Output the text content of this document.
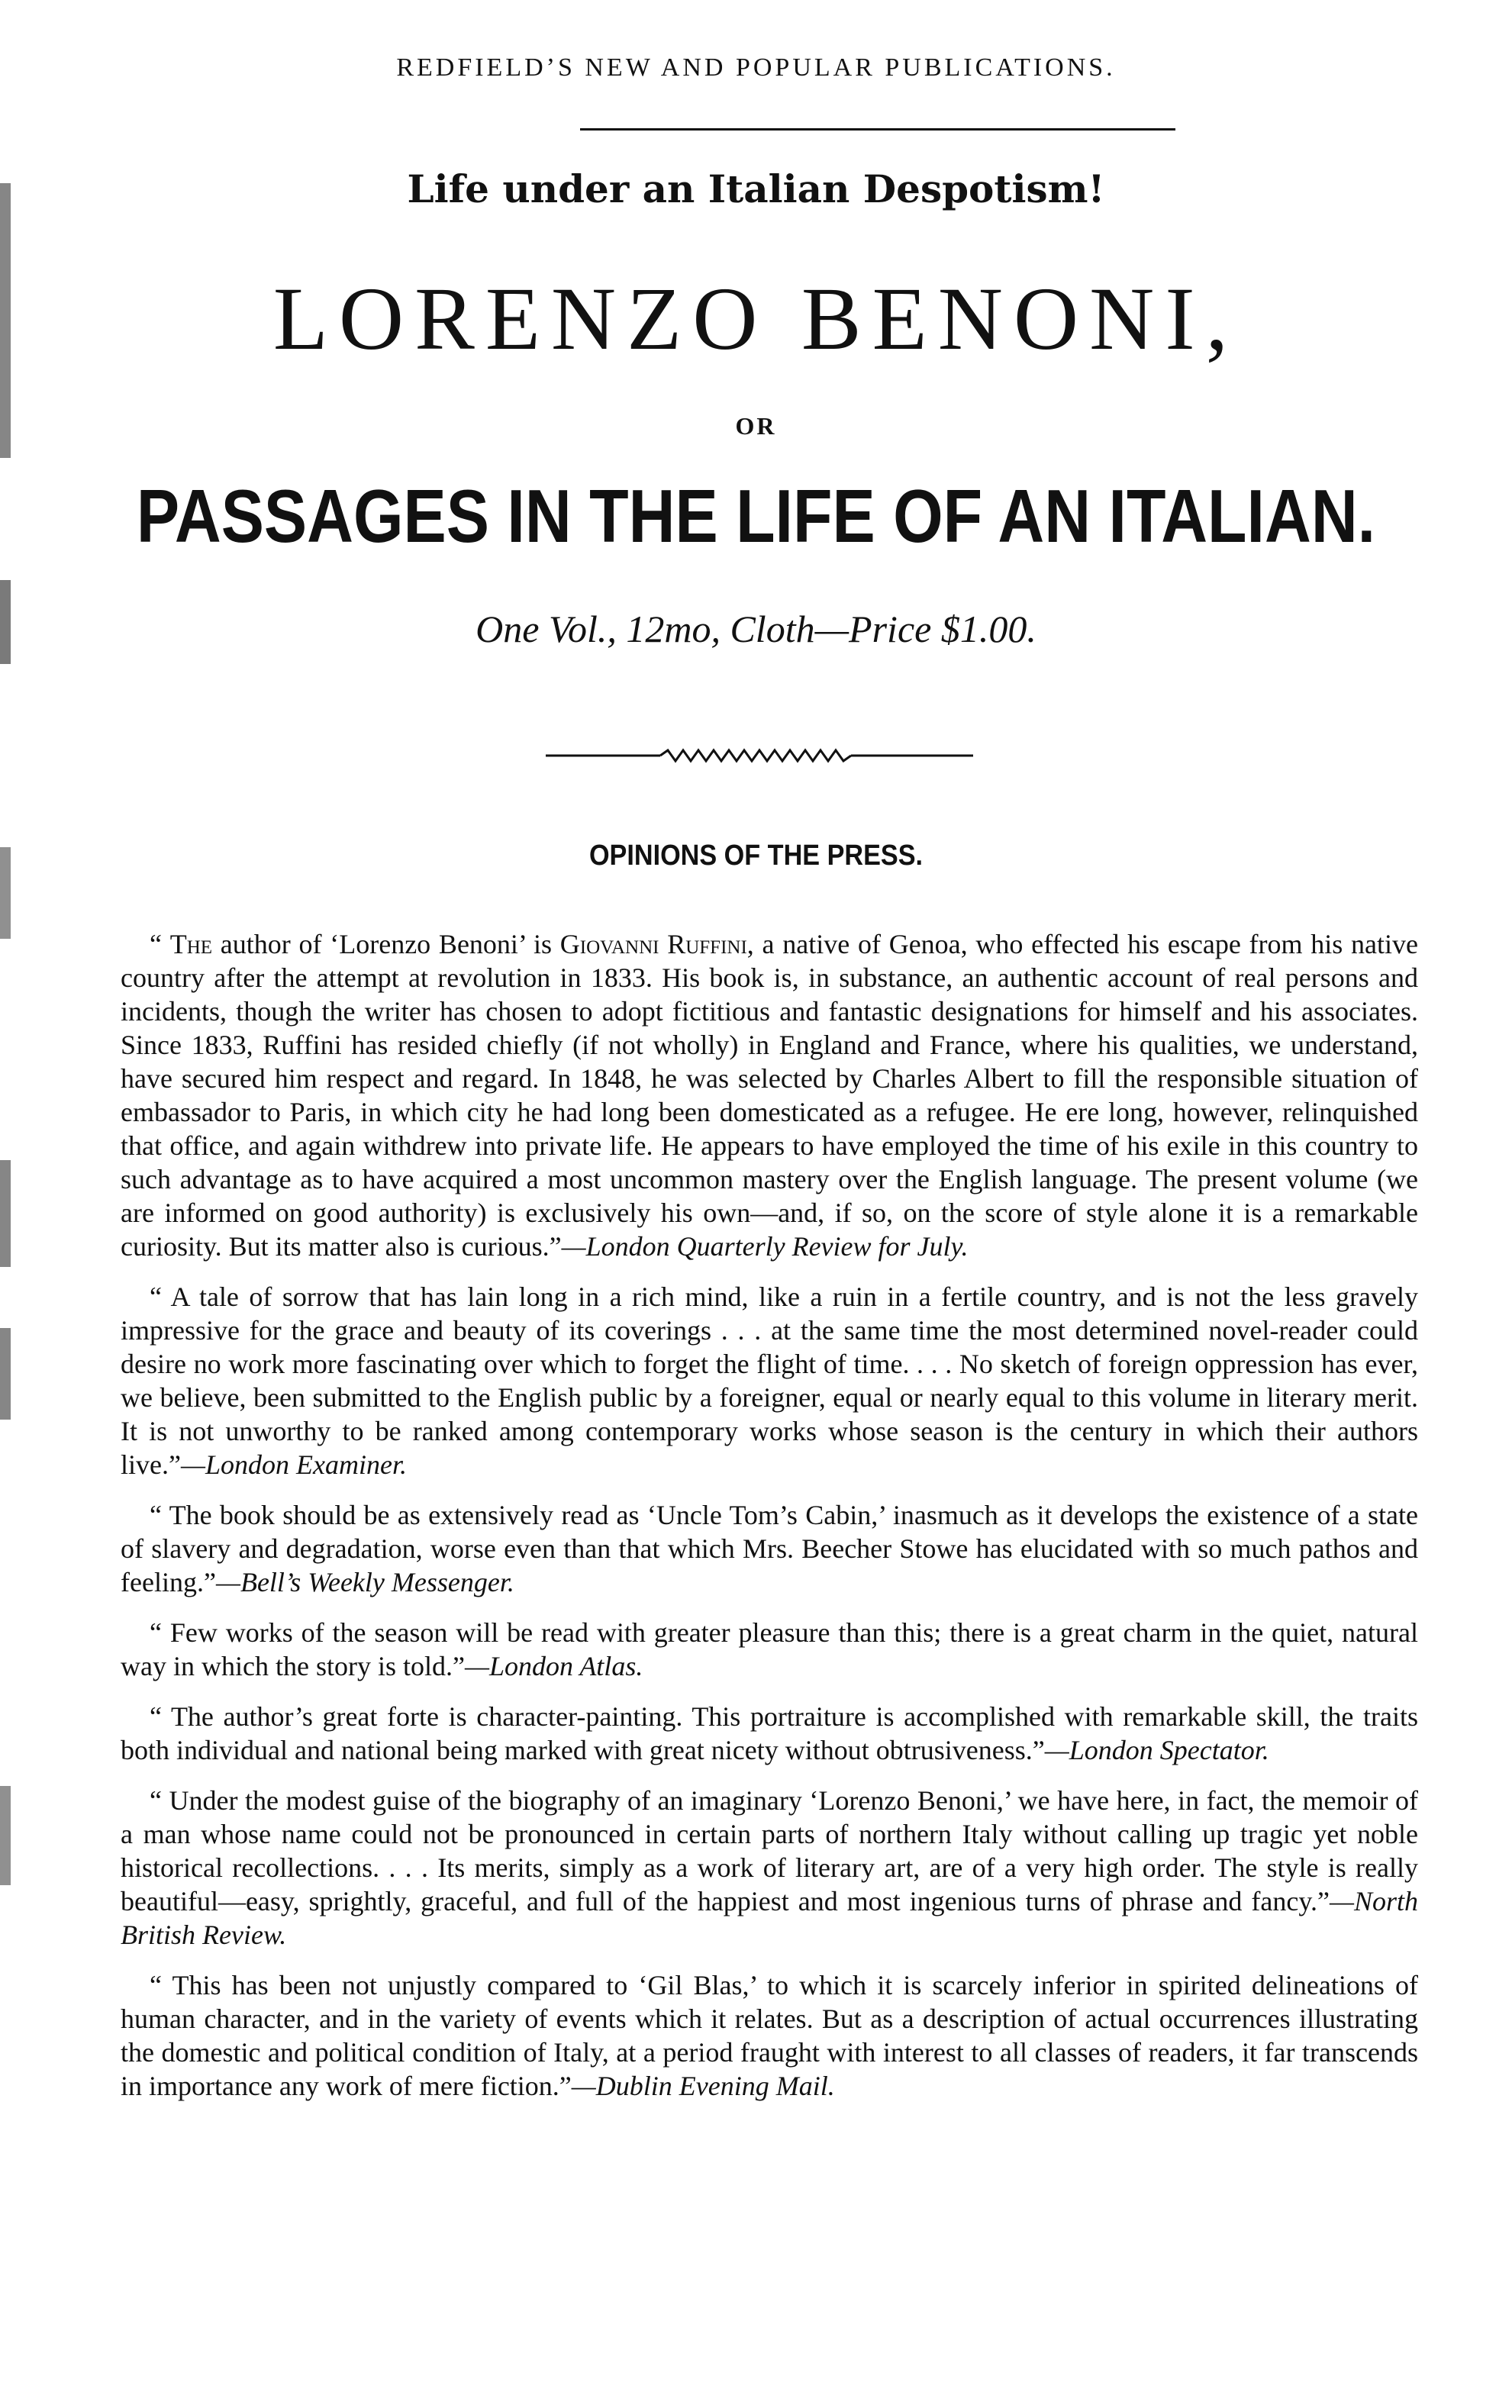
REDFIELD’S NEW AND POPULAR PUBLICATIONS.
Life under an Italian Despotism!
LORENZO BENONI,
OR
PASSAGES IN THE LIFE OF AN ITALIAN.
One Vol., 12mo, Cloth—Price $1.00.
OPINIONS OF THE PRESS.

“ The author of ‘Lorenzo Benoni’ is Giovanni Ruffini, a native of Genoa, who effected his escape from his native country after the attempt at revolution in 1833. His book is, in substance, an authentic account of real persons and incidents, though the writer has chosen to adopt fictitious and fantastic designations for himself and his associates. Since 1833, Ruffini has resided chiefly (if not wholly) in England and France, where his qualities, we understand, have secured him respect and regard. In 1848, he was selected by Charles Albert to fill the responsible situation of embassador to Paris, in which city he had long been domesticated as a refugee. He ere long, however, relinquished that office, and again withdrew into private life. He appears to have employed the time of his exile in this country to such advantage as to have acquired a most uncommon mastery over the English language. The present volume (we are informed on good authority) is exclusively his own—and, if so, on the score of style alone it is a remarkable curiosity. But its matter also is curious.”—London Quarterly Review for July.

“ A tale of sorrow that has lain long in a rich mind, like a ruin in a fertile country, and is not the less gravely impressive for the grace and beauty of its coverings . . . at the same time the most determined novel-reader could desire no work more fascinating over which to forget the flight of time. . . . No sketch of foreign oppression has ever, we believe, been submitted to the English public by a foreigner, equal or nearly equal to this volume in literary merit. It is not unworthy to be ranked among contemporary works whose season is the century in which their authors live.”—London Examiner.

“ The book should be as extensively read as ‘Uncle Tom’s Cabin,’ inasmuch as it develops the existence of a state of slavery and degradation, worse even than that which Mrs. Beecher Stowe has elucidated with so much pathos and feeling.”—Bell’s Weekly Messenger.

“ Few works of the season will be read with greater pleasure than this; there is a great charm in the quiet, natural way in which the story is told.”—London Atlas.

“ The author’s great forte is character-painting. This portraiture is accomplished with remarkable skill, the traits both individual and national being marked with great nicety without obtrusiveness.”—London Spectator.

“ Under the modest guise of the biography of an imaginary ‘Lorenzo Benoni,’ we have here, in fact, the memoir of a man whose name could not be pronounced in certain parts of northern Italy without calling up tragic yet noble historical recollections. . . . Its merits, simply as a work of literary art, are of a very high order. The style is really beautiful—easy, sprightly, graceful, and full of the happiest and most ingenious turns of phrase and fancy.”—North British Review.

“ This has been not unjustly compared to ‘Gil Blas,’ to which it is scarcely inferior in spirited delineations of human character, and in the variety of events which it relates. But as a description of actual occurrences illustrating the domestic and political condition of Italy, at a period fraught with interest to all classes of readers, it far transcends in importance any work of mere fiction.”—Dublin Evening Mail.
